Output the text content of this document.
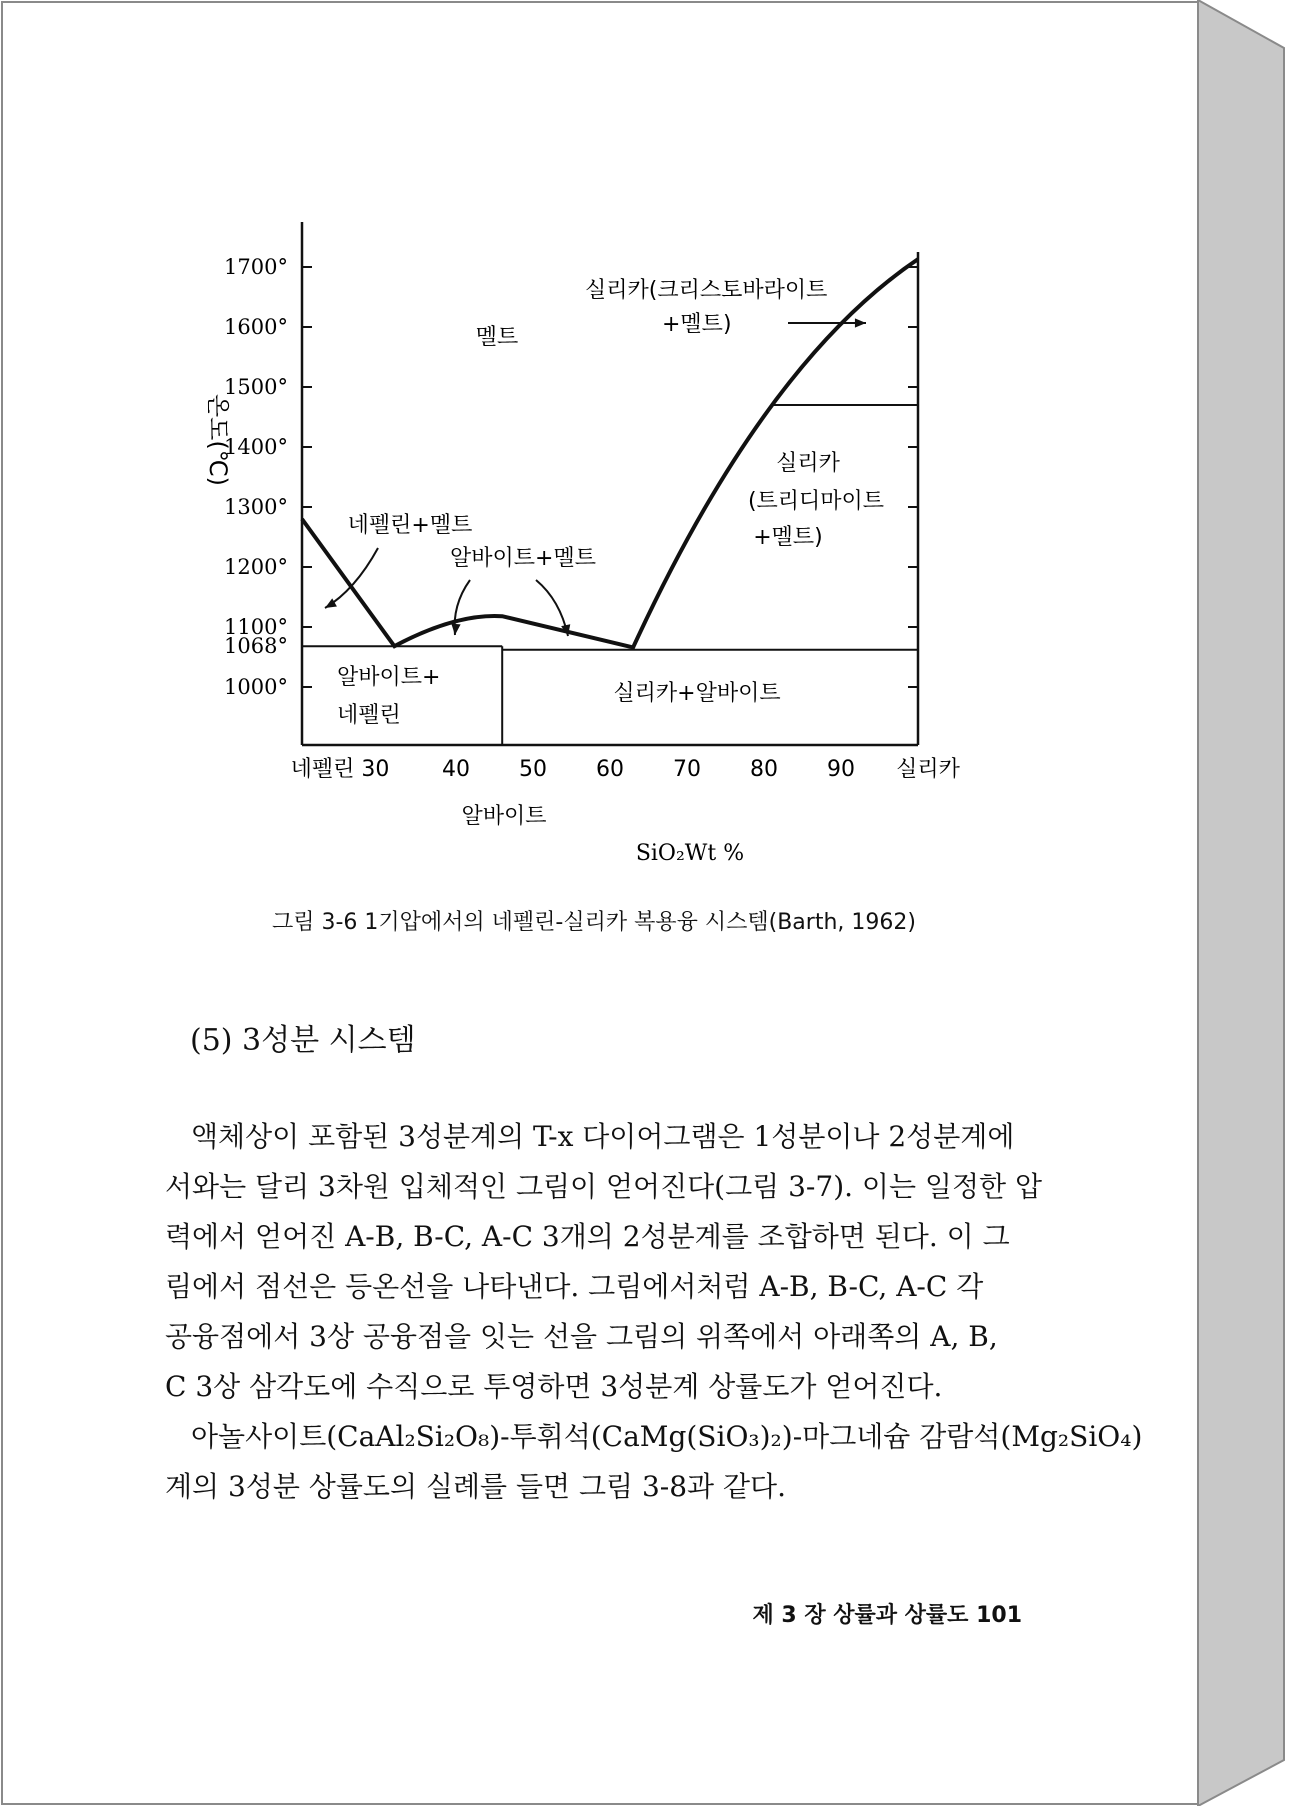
1700°
1600°
1500°
1400°
1300°
1200°
1100°
1068°
1000°
네펠린 30 40 50 60 70 80 90 실리카
온도(℃)
SiO₂Wt %
알바이트
멜트
실리카(크리스토바라이트
+멜트)
실리카
(트리디마이트
+멜트)
네펠린+멜트
알바이트+멜트
알바이트+
네펠린
실리카+알바이트
그림 3-6 1기압에서의 네펠린-실리카 복용융 시스템(Barth, 1962)
(5) 3성분 시스템
액체상이 포함된 3성분계의 T-x 다이어그램은 1성분이나 2성분계에
서와는 달리 3차원 입체적인 그림이 얻어진다(그림 3-7). 이는 일정한 압
력에서 얻어진 A-B, B-C, A-C 3개의 2성분계를 조합하면 된다. 이 그
림에서 점선은 등온선을 나타낸다. 그림에서처럼 A-B, B-C, A-C 각
공융점에서 3상 공융점을 잇는 선을 그림의 위쪽에서 아래쪽의 A, B,
C 3상 삼각도에 수직으로 투영하면 3성분계 상률도가 얻어진다.
아놀사이트(CaAl₂Si₂O₈)-투휘석(CaMg(SiO₃)₂)-마그네슘 감람석(Mg₂SiO₄)
계의 3성분 상률도의 실례를 들면 그림 3-8과 같다.
제 3 장 상률과 상률도 101
